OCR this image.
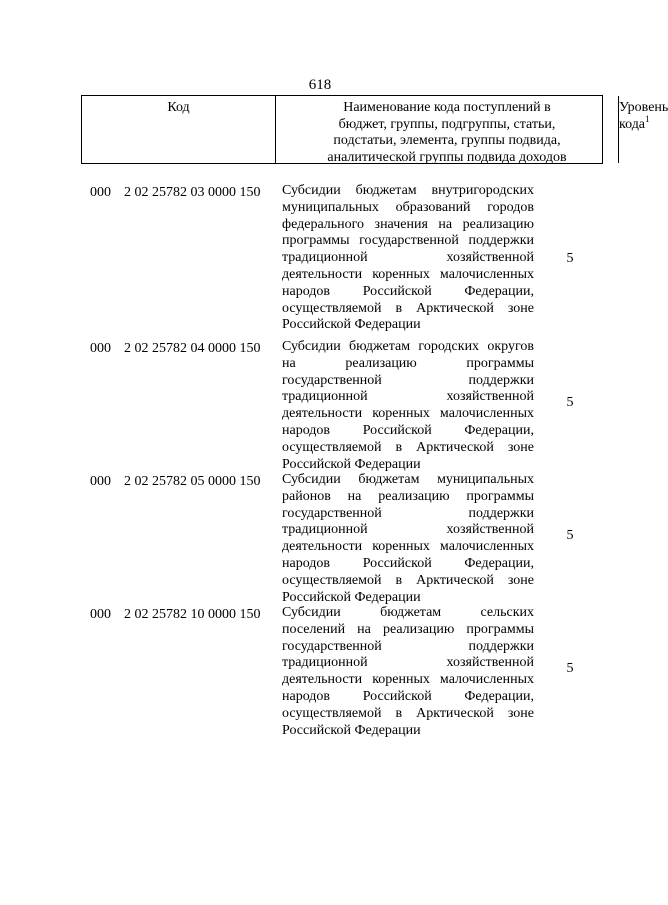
618
Код	Наименование кода поступлений в
бюджет, группы, подгруппы, статьи,
подстатьи, элемента, группы подвида,
аналитической группы подвида доходов
Уровень
кода$^1$
000 2 02 25782 03 0000 150 Субсидии бюджетам внутригородских
муниципальных образований городов
федерального значения на реализацию
программы государственной поддержки
традиционной хозяйственной
деятельности коренных малочисленных
народов Российской Федерации,
осуществляемой в Арктической зоне
Российской Федерации
5
000 2 02 25782 04 0000 150 Субсидии бюджетам городских округов
на реализацию программы
государственной поддержки
традиционной хозяйственной
деятельности коренных малочисленных
народов Российской Федерации,
осуществляемой в Арктической зоне
Российской Федерации
5
000 2 02 25782 05 0000 150 Субсидии бюджетам муниципальных
районов на реализацию программы
государственной поддержки
традиционной хозяйственной
деятельности коренных малочисленных
народов Российской Федерации,
осуществляемой в Арктической зоне
Российской Федерации
5
000 2 02 25782 10 0000 150 Субсидии бюджетам сельских
поселений на реализацию программы
государственной поддержки
традиционной хозяйственной
деятельности коренных малочисленных
народов Российской Федерации,
осуществляемой в Арктической зоне
Российской Федерации
5
